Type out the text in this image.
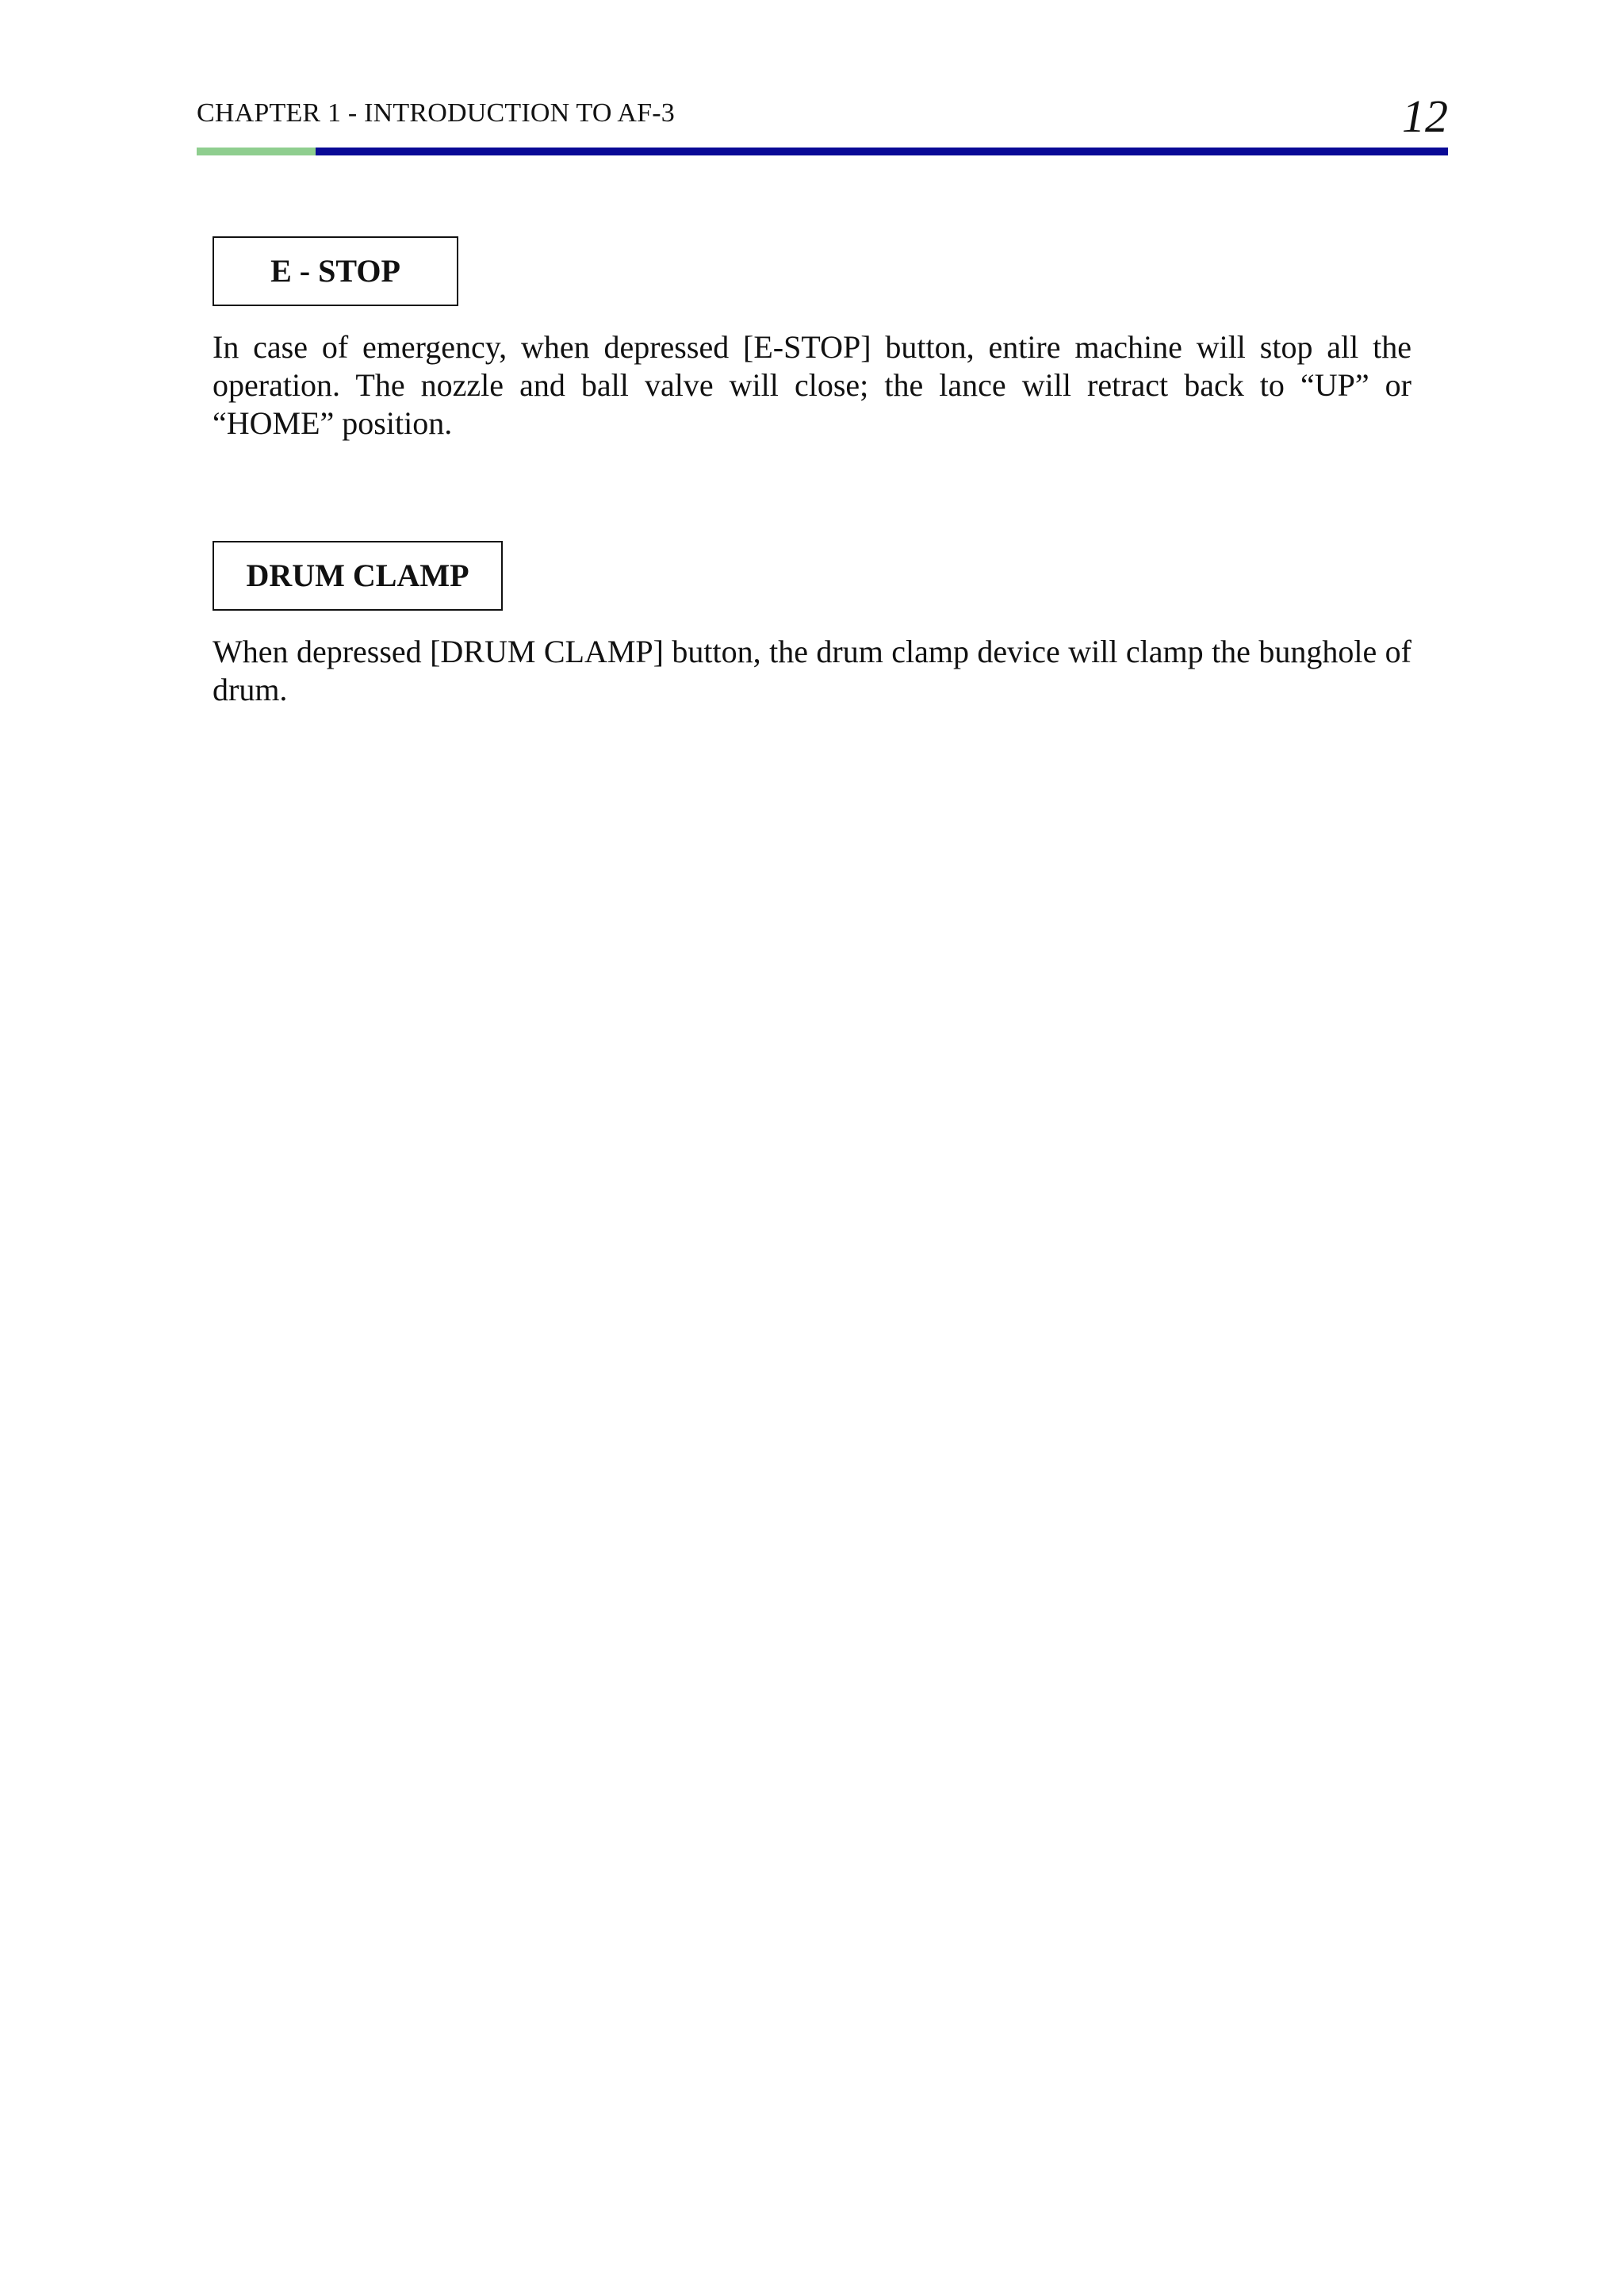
CHAPTER 1 - INTRODUCTION TO AF-3	12
E - STOP
In case of emergency, when depressed [E-STOP] button, entire machine will stop all the operation. The nozzle and ball valve will close; the lance will retract back to “UP” or “HOME” position.
DRUM CLAMP
When depressed [DRUM CLAMP] button, the drum clamp device will clamp the bunghole of drum.
